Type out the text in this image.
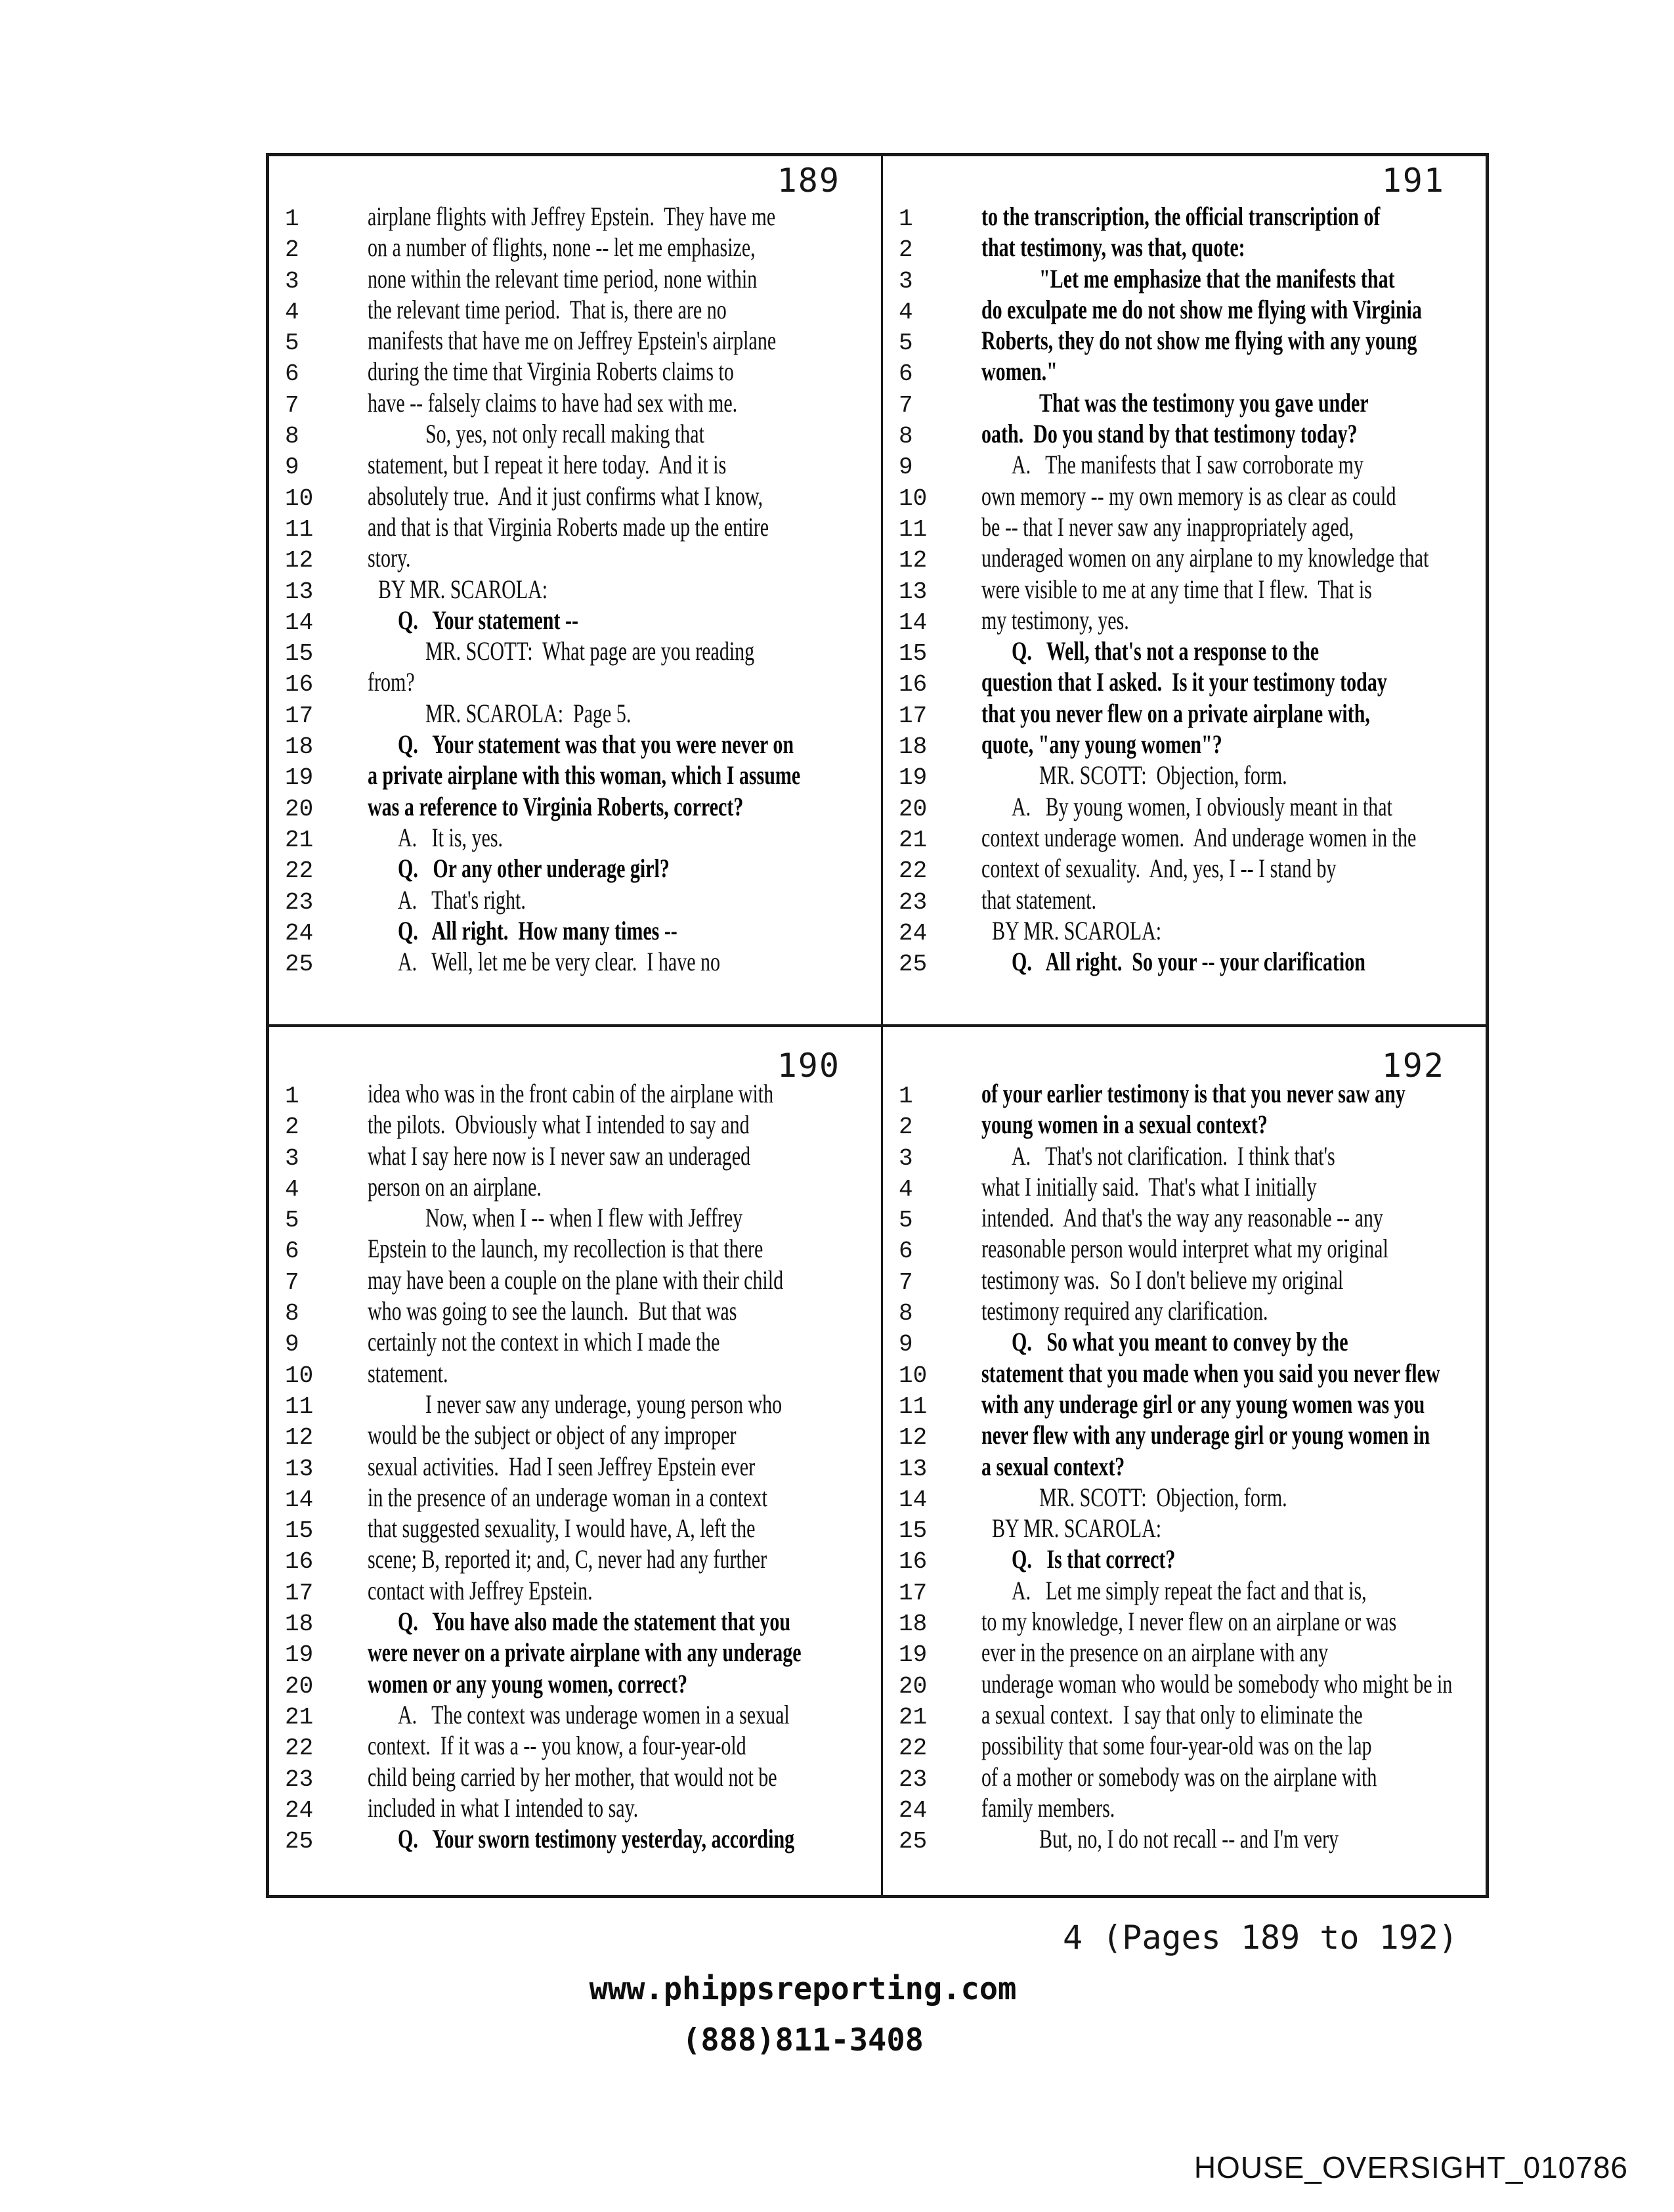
189
1	airplane flights with Jeffrey Epstein.  They have me
2	on a number of flights, none -- let me emphasize,
3	none within the relevant time period, none within
4	the relevant time period.  That is, there are no
5	manifests that have me on Jeffrey Epstein's airplane
6	during the time that Virginia Roberts claims to
7	have -- falsely claims to have had sex with me.
8	So, yes, not only recall making that
9	statement, but I repeat it here today.  And it is
10	absolutely true.  And it just confirms what I know,
11	and that is that Virginia Roberts made up the entire
12	story.
13	BY MR. SCAROLA:
14	Q.   Your statement --
15	MR. SCOTT:  What page are you reading
16	from?
17	MR. SCAROLA:  Page 5.
18	Q.   Your statement was that you were never on
19	a private airplane with this woman, which I assume
20	was a reference to Virginia Roberts, correct?
21	A.   It is, yes.
22	Q.   Or any other underage girl?
23	A.   That's right.
24	Q.   All right.  How many times --
25	A.   Well, let me be very clear.  I have no
191
1	to the transcription, the official transcription of
2	that testimony, was that, quote:
3	"Let me emphasize that the manifests that
4	do exculpate me do not show me flying with Virginia
5	Roberts, they do not show me flying with any young
6	women."
7	That was the testimony you gave under
8	oath.  Do you stand by that testimony today?
9	A.   The manifests that I saw corroborate my
10	own memory -- my own memory is as clear as could
11	be -- that I never saw any inappropriately aged,
12	underaged women on any airplane to my knowledge that
13	were visible to me at any time that I flew.  That is
14	my testimony, yes.
15	Q.   Well, that's not a response to the
16	question that I asked.  Is it your testimony today
17	that you never flew on a private airplane with,
18	quote, "any young women"?
19	MR. SCOTT:  Objection, form.
20	A.   By young women, I obviously meant in that
21	context underage women.  And underage women in the
22	context of sexuality.  And, yes, I -- I stand by
23	that statement.
24	BY MR. SCAROLA:
25	Q.   All right.  So your -- your clarification
190
1	idea who was in the front cabin of the airplane with
2	the pilots.  Obviously what I intended to say and
3	what I say here now is I never saw an underaged
4	person on an airplane.
5	Now, when I -- when I flew with Jeffrey
6	Epstein to the launch, my recollection is that there
7	may have been a couple on the plane with their child
8	who was going to see the launch.  But that was
9	certainly not the context in which I made the
10	statement.
11	I never saw any underage, young person who
12	would be the subject or object of any improper
13	sexual activities.  Had I seen Jeffrey Epstein ever
14	in the presence of an underage woman in a context
15	that suggested sexuality, I would have, A, left the
16	scene; B, reported it; and, C, never had any further
17	contact with Jeffrey Epstein.
18	Q.   You have also made the statement that you
19	were never on a private airplane with any underage
20	women or any young women, correct?
21	A.   The context was underage women in a sexual
22	context.  If it was a -- you know, a four-year-old
23	child being carried by her mother, that would not be
24	included in what I intended to say.
25	Q.   Your sworn testimony yesterday, according
192
1	of your earlier testimony is that you never saw any
2	young women in a sexual context?
3	A.   That's not clarification.  I think that's
4	what I initially said.  That's what I initially
5	intended.  And that's the way any reasonable -- any
6	reasonable person would interpret what my original
7	testimony was.  So I don't believe my original
8	testimony required any clarification.
9	Q.   So what you meant to convey by the
10	statement that you made when you said you never flew
11	with any underage girl or any young women was you
12	never flew with any underage girl or young women in
13	a sexual context?
14	MR. SCOTT:  Objection, form.
15	BY MR. SCAROLA:
16	Q.   Is that correct?
17	A.   Let me simply repeat the fact and that is,
18	to my knowledge, I never flew on an airplane or was
19	ever in the presence on an airplane with any
20	underage woman who would be somebody who might be in
21	a sexual context.  I say that only to eliminate the
22	possibility that some four-year-old was on the lap
23	of a mother or somebody was on the airplane with
24	family members.
25	But, no, I do not recall -- and I'm very
4 (Pages 189 to 192)
www.phippsreporting.com
(888)811-3408
HOUSE_OVERSIGHT_010786
